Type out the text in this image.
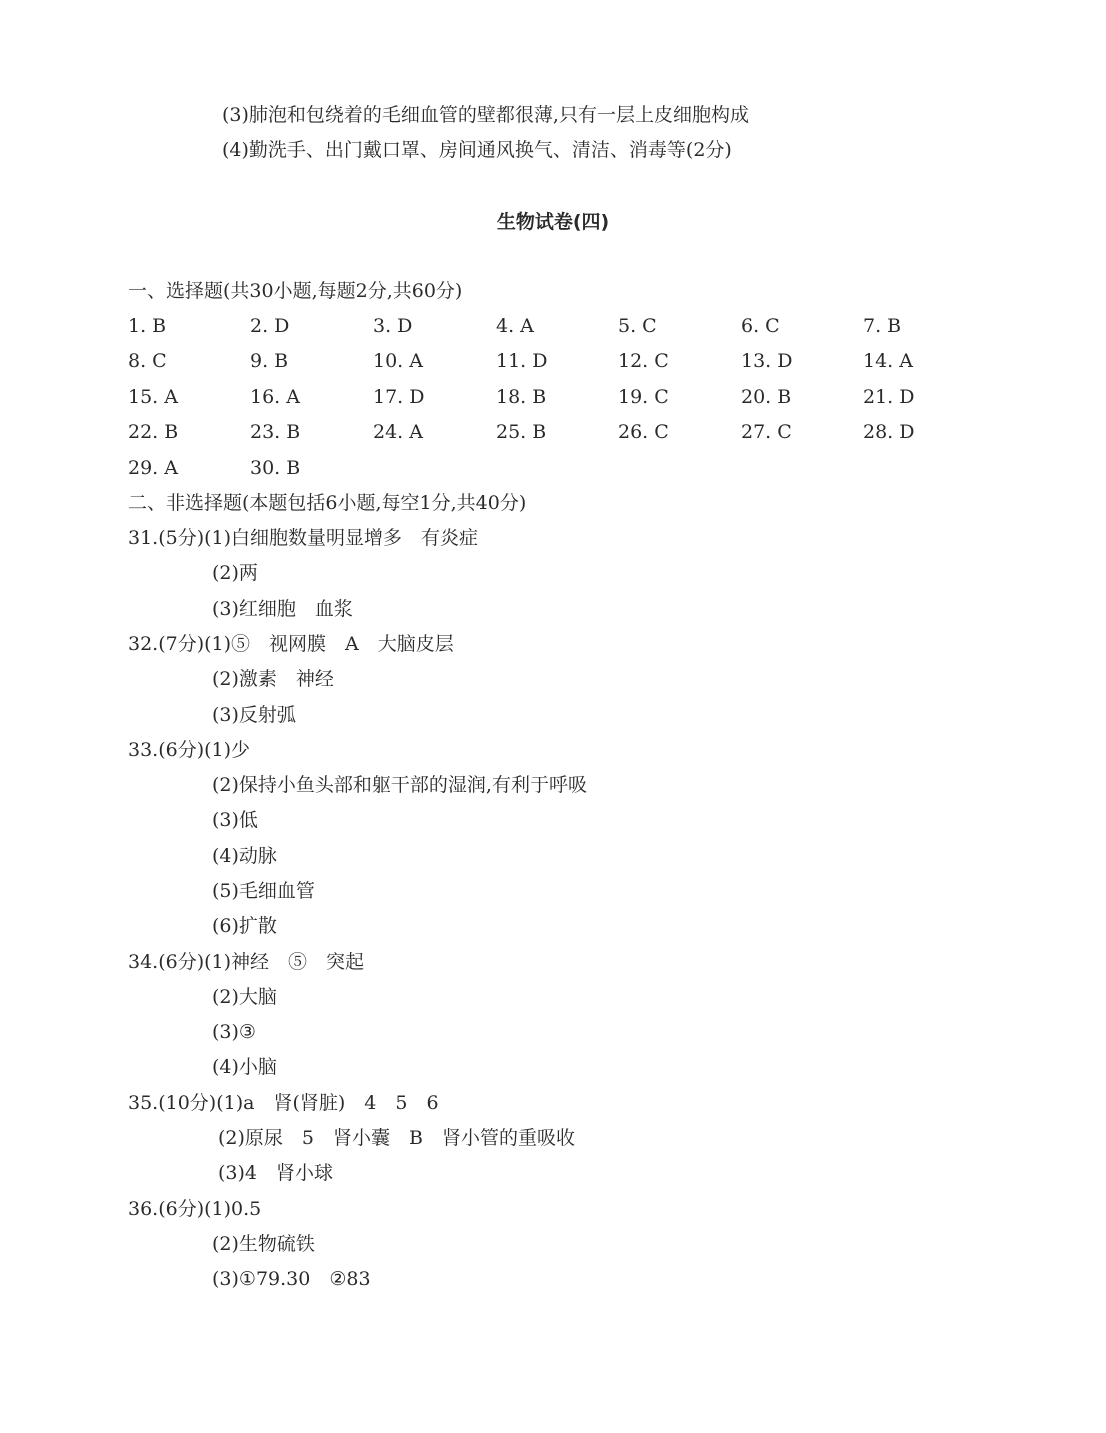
(3)肺泡和包绕着的毛细血管的壁都很薄,只有一层上皮细胞构成
(4)勤洗手、出门戴口罩、房间通风换气、清洁、消毒等(2分)
生物试卷(四)
一、选择题(共30小题,每题2分,共60分)
1. B	2. D	3. D	4. A	5. C	6. C	7. B
8. C	9. B	10. A	11. D	12. C	13. D	14. A
15. A	16. A	17. D	18. B	19. C	20. B	21. D
22. B	23. B	24. A	25. B	26. C	27. C	28. D
29. A	30. B
二、非选择题(本题包括6小题,每空1分,共40分)
31.(5分)(1)白细胞数量明显增多　有炎症
(2)两
(3)红细胞　血浆
32.(7分)(1)⑤　视网膜　A　大脑皮层
(2)激素　神经
(3)反射弧
33.(6分)(1)少
(2)保持小鱼头部和躯干部的湿润,有利于呼吸
(3)低
(4)动脉
(5)毛细血管
(6)扩散
34.(6分)(1)神经　⑤　突起
(2)大脑
(3)③
(4)小脑
35.(10分)(1)a　肾(肾脏)　4　5　6
(2)原尿　5　肾小囊　B　肾小管的重吸收
(3)4　肾小球
36.(6分)(1)0.5
(2)生物硫铁
(3)①79.30　②83
